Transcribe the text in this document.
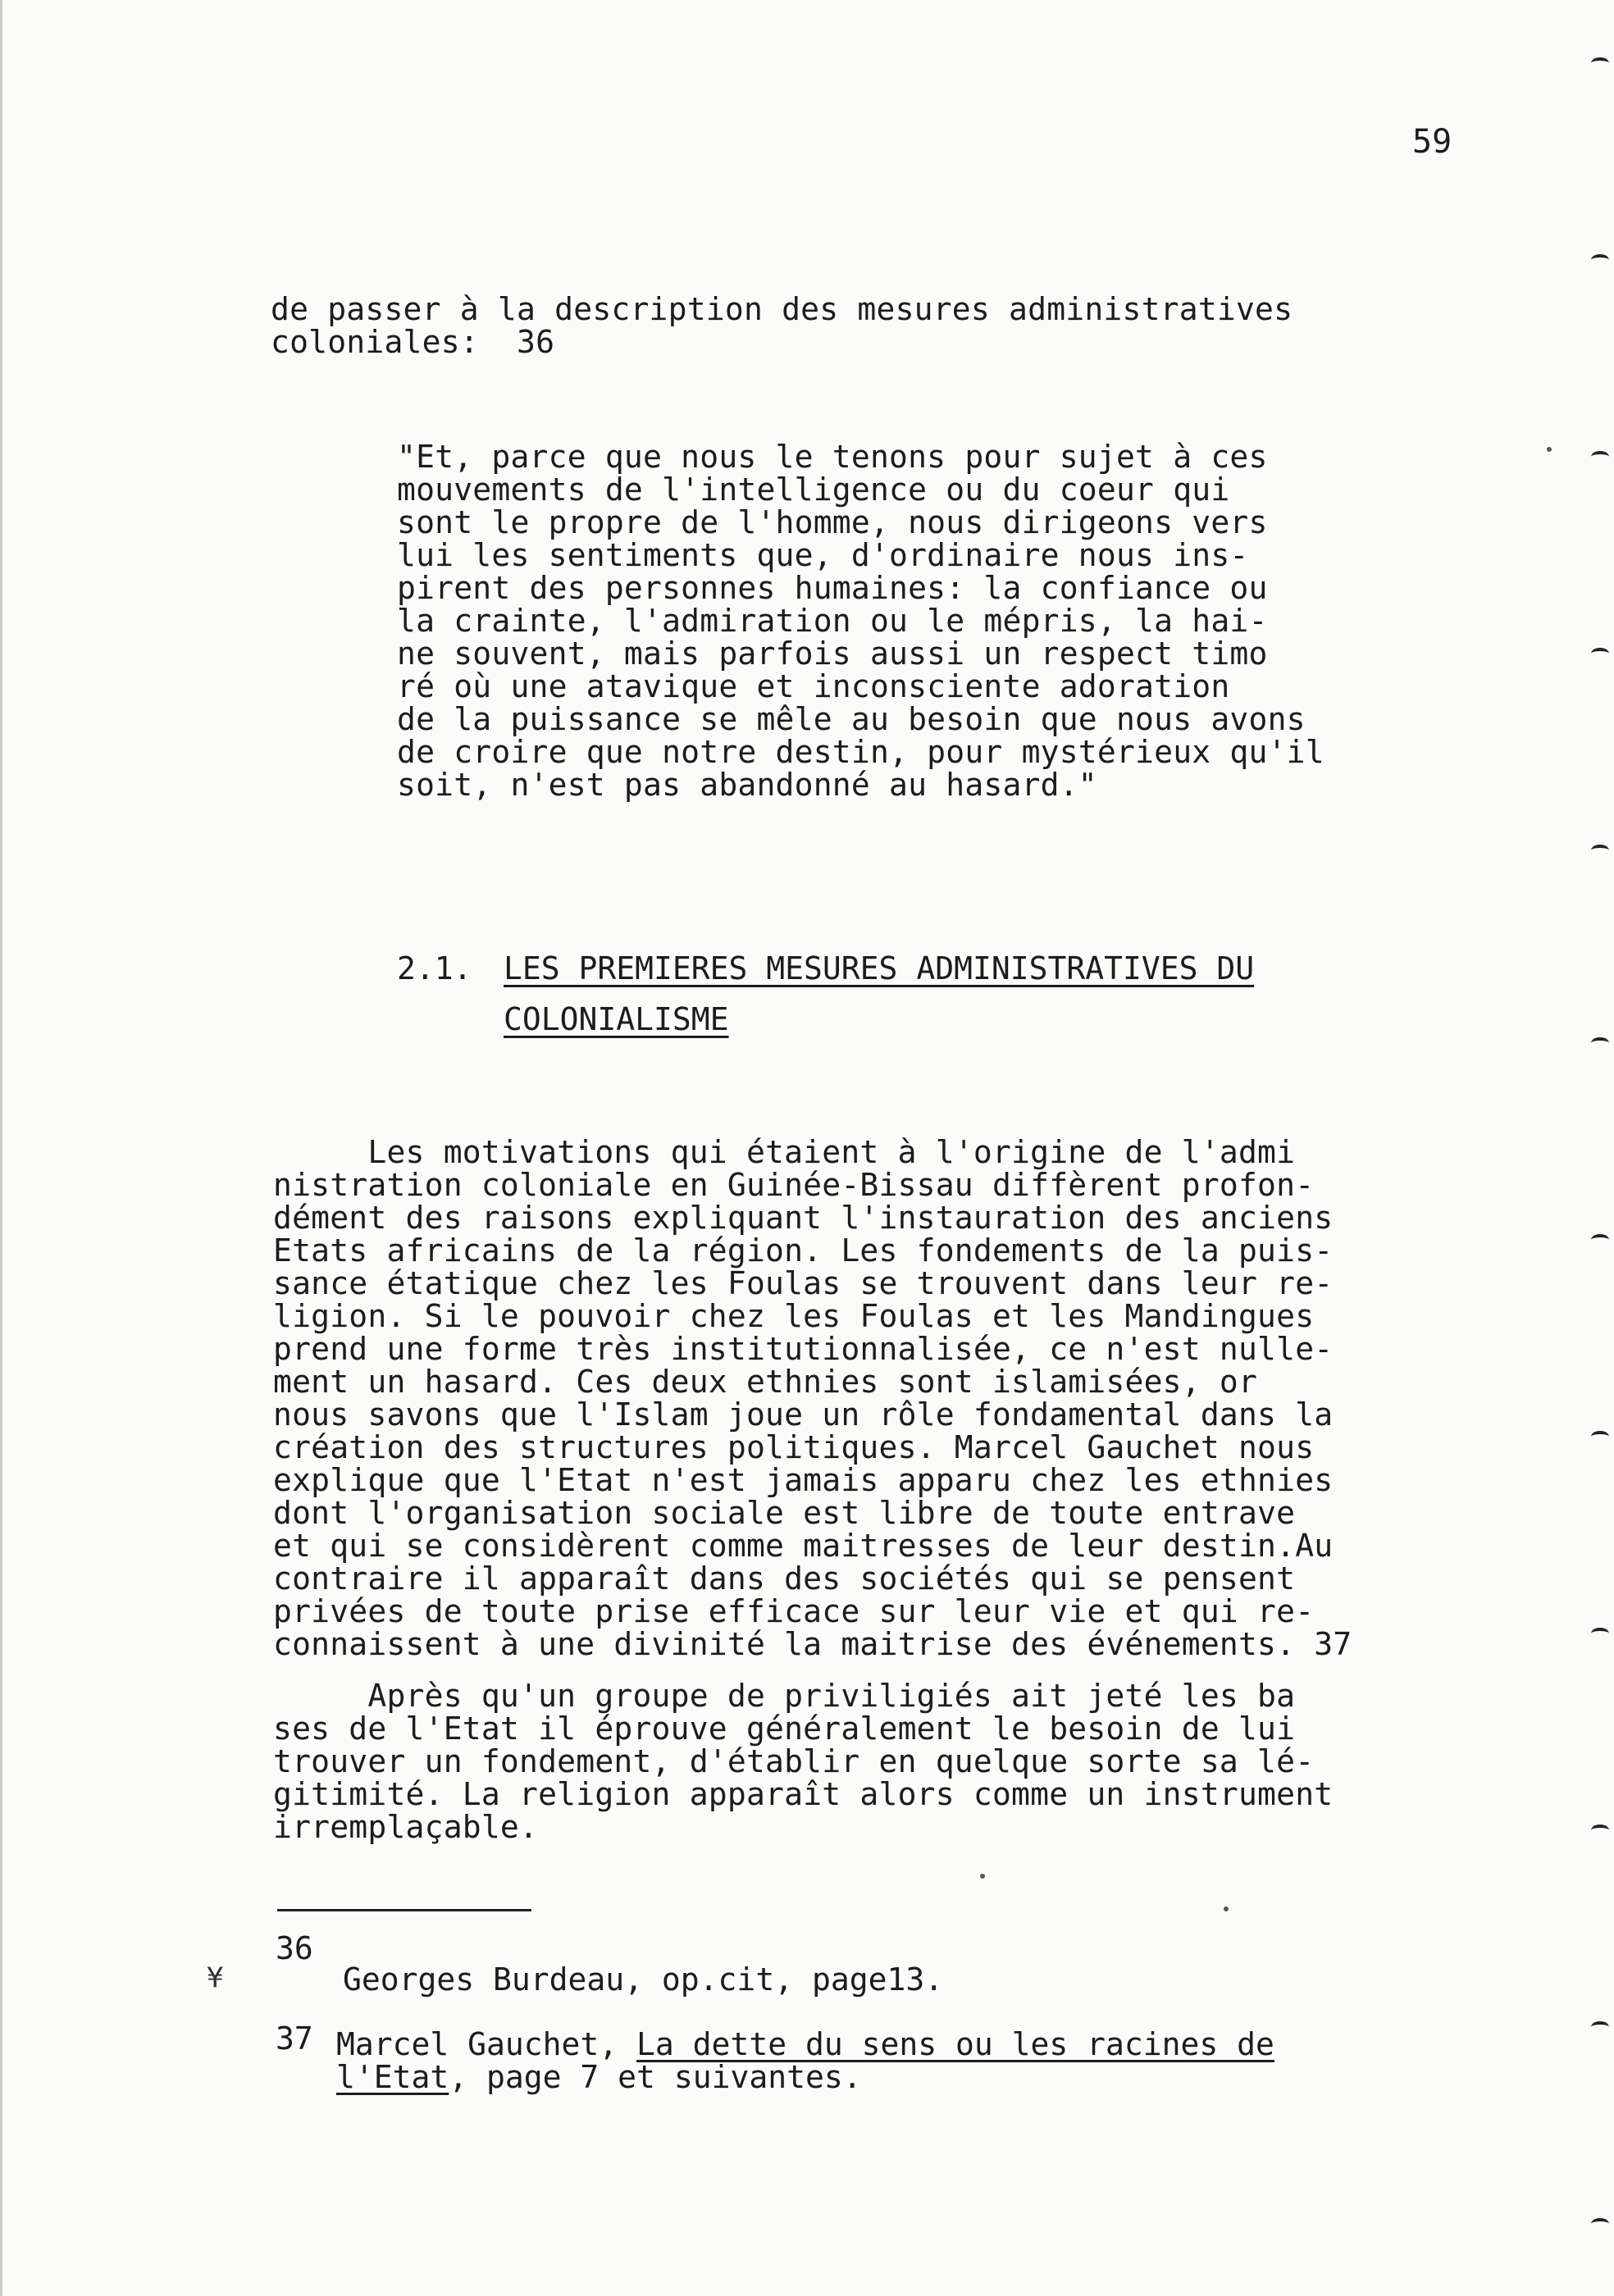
59
de passer à la description des mesures administratives
coloniales:  36
"Et, parce que nous le tenons pour sujet à ces
mouvements de l'intelligence ou du coeur qui
sont le propre de l'homme, nous dirigeons vers
lui les sentiments que, d'ordinaire nous ins-
pirent des personnes humaines: la confiance ou
la crainte, l'admiration ou le mépris, la hai-
ne souvent, mais parfois aussi un respect timo
ré où une atavique et inconsciente adoration
de la puissance se mêle au besoin que nous avons
de croire que notre destin, pour mystérieux qu'il
soit, n'est pas abandonné au hasard."
2.1. LES PREMIERES MESURES ADMINISTRATIVES DU
COLONIALISME
Les motivations qui étaient à l'origine de l'admi
nistration coloniale en Guinée-Bissau diffèrent profon-
dément des raisons expliquant l'instauration des anciens
Etats africains de la région. Les fondements de la puis-
sance étatique chez les Foulas se trouvent dans leur re-
ligion. Si le pouvoir chez les Foulas et les Mandingues
prend une forme très institutionnalisée, ce n'est nulle-
ment un hasard. Ces deux ethnies sont islamisées, or
nous savons que l'Islam joue un rôle fondamental dans la
création des structures politiques. Marcel Gauchet nous
explique que l'Etat n'est jamais apparu chez les ethnies
dont l'organisation sociale est libre de toute entrave
et qui se considèrent comme maitresses de leur destin.Au
contraire il apparaît dans des sociétés qui se pensent
privées de toute prise efficace sur leur vie et qui re-
connaissent à une divinité la maitrise des événements. 37
Après qu'un groupe de priviligiés ait jeté les ba
ses de l'Etat il éprouve généralement le besoin de lui
trouver un fondement, d'établir en quelque sorte sa lé-
gitimité. La religion apparaît alors comme un instrument
irremplaçable.
36
¥	Georges Burdeau, op.cit, page13.
37 Marcel Gauchet, La dette du sens ou les racines de
l'Etat, page 7 et suivantes.
